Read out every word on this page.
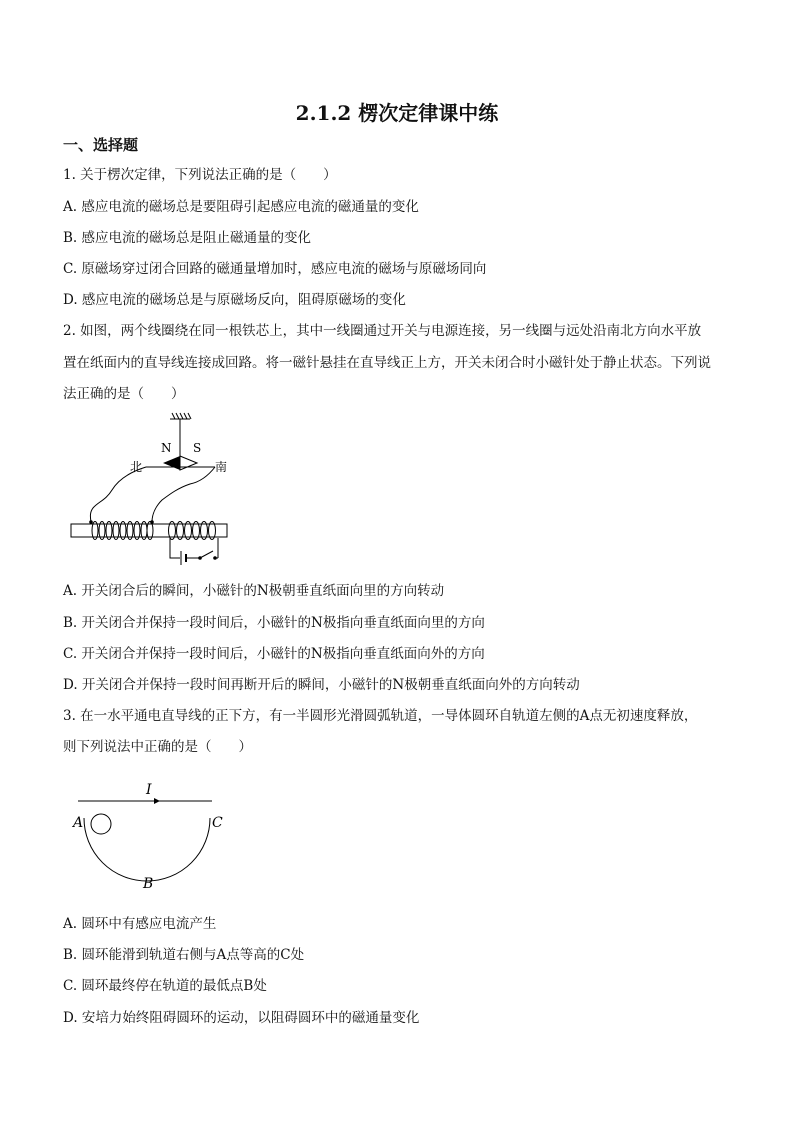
2.1.2 楞次定律课中练
一、选择题

1. 关于楞次定律，下列说法正确的是（　　）

A. 感应电流的磁场总是要阻碍引起感应电流的磁通量的变化

B. 感应电流的磁场总是阻止磁通量的变化

C. 原磁场穿过闭合回路的磁通量增加时，感应电流的磁场与原磁场同向

D. 感应电流的磁场总是与原磁场反向，阻碍原磁场的变化

2. 如图，两个线圈绕在同一根铁芯上，其中一线圈通过开关与电源连接，另一线圈与远处沿南北方向水平放

置在纸面内的直导线连接成回路。将一磁针悬挂在直导线正上方，开关未闭合时小磁针处于静止状态。下列说

法正确的是（　　）

N S
北	南

A. 开关闭合后的瞬间，小磁针的N极朝垂直纸面向里的方向转动

B. 开关闭合并保持一段时间后，小磁针的N极指向垂直纸面向里的方向

C. 开关闭合并保持一段时间后，小磁针的N极指向垂直纸面向外的方向

D. 开关闭合并保持一段时间再断开后的瞬间，小磁针的N极朝垂直纸面向外的方向转动

3. 在一水平通电直导线的正下方，有一半圆形光滑圆弧轨道，一导体圆环自轨道左侧的A点无初速度释放，

则下列说法中正确的是（　　）

I
A	C
B

A. 圆环中有感应电流产生

B. 圆环能滑到轨道右侧与A点等高的C处

C. 圆环最终停在轨道的最低点B处

D. 安培力始终阻碍圆环的运动，以阻碍圆环中的磁通量变化
